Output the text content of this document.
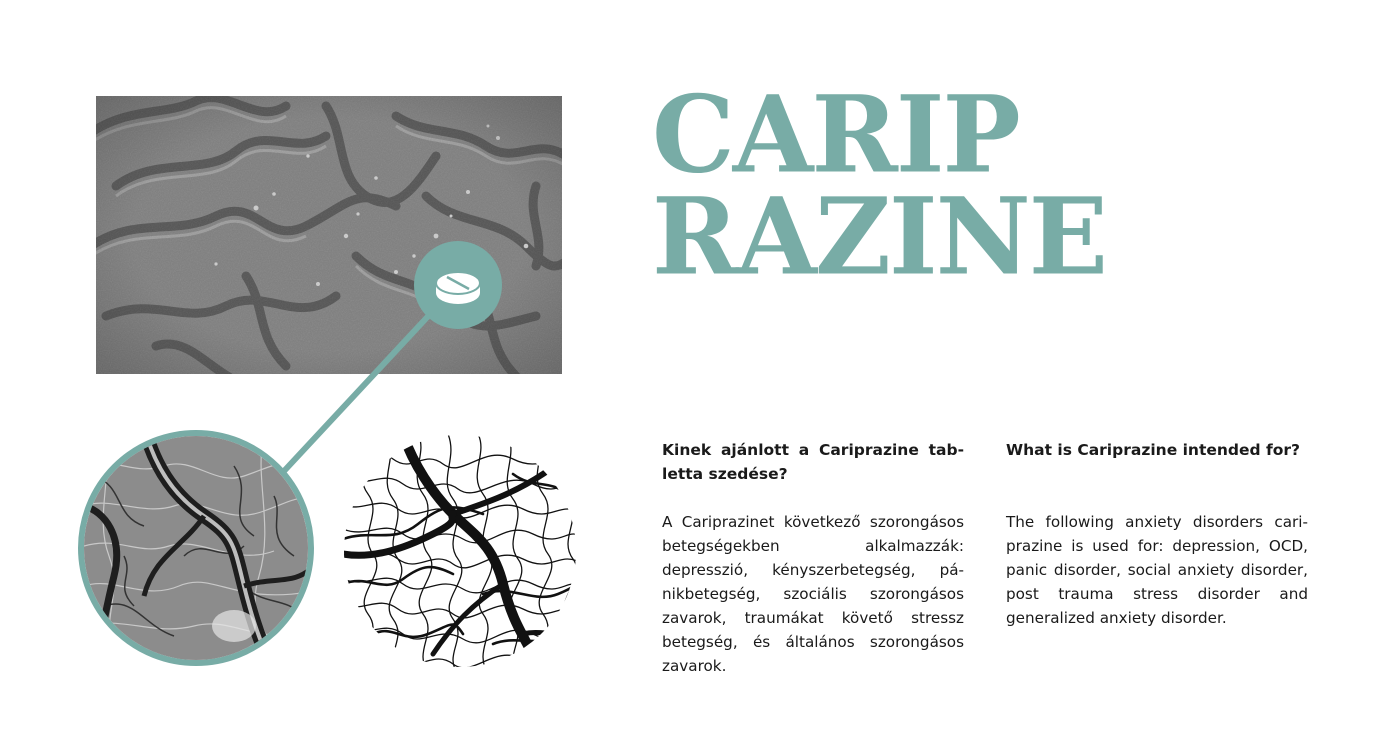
CARIP
RAZINE
Kinek ajánlott a Cariprazine tabletta szedése?

A Cariprazinet következő szorongásos betegségekben alkalmazzák: depresszió, kényszerbetegség, pánikbetegség, szociális szorongásos zavarok, traumákat követő stressz betegség, és általános szorongásos zavarok.

What is Cariprazine intended for?

The following anxiety disorders cariprazine is used for: depression, OCD, panic disorder, social anxiety disorder, post trauma stress disorder and generalized anxiety disorder.
